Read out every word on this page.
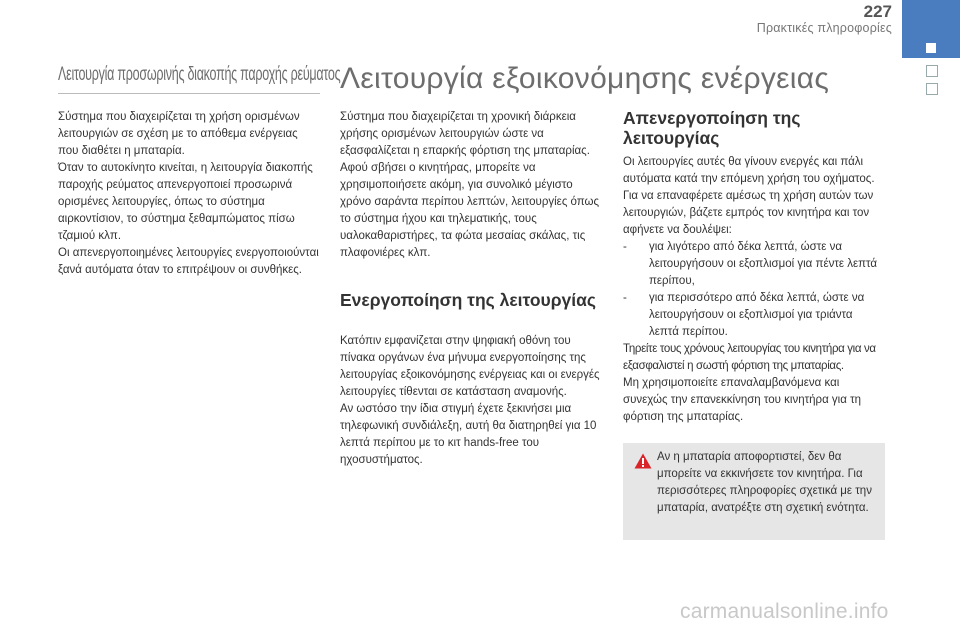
227
Πρακτικές πληροφορίες
Λειτουργία προσωρινής διακοπής παροχής ρεύματος

Σύστημα που διαχειρίζεται τη χρήση ορισμένων λειτουργιών σε σχέση με το απόθεμα ενέργειας που διαθέτει η μπαταρία.

Όταν το αυτοκίνητο κινείται, η λειτουργία διακοπής παροχής ρεύματος απενεργοποιεί προσωρινά ορισμένες λειτουργίες, όπως το σύστημα αιρκοντίσιον, το σύστημα ξεθαμπώματος πίσω τζαμιού κλπ.

Οι απενεργοποιημένες λειτουργίες ενεργοποιούνται ξανά αυτόματα όταν το επιτρέψουν οι συνθήκες.

Λειτουργία εξοικονόμησης ενέργειας

Σύστημα που διαχειρίζεται τη χρονική διάρκεια χρήσης ορισμένων λειτουργιών ώστε να εξασφαλίζεται η επαρκής φόρτιση της μπαταρίας.

Αφού σβήσει ο κινητήρας, μπορείτε να χρησιμοποιήσετε ακόμη, για συνολικό μέγιστο χρόνο σαράντα περίπου λεπτών, λειτουργίες όπως το σύστημα ήχου και τηλεματικής, τους υαλοκαθαριστήρες, τα φώτα μεσαίας σκάλας, τις πλαφονιέρες κλπ.

Ενεργοποίηση της λειτουργίας

Κατόπιν εμφανίζεται στην ψηφιακή οθόνη του πίνακα οργάνων ένα μήνυμα ενεργοποίησης της λειτουργίας εξοικονόμησης ενέργειας και οι ενεργές λειτουργίες τίθενται σε κατάσταση αναμονής.

Αν ωστόσο την ίδια στιγμή έχετε ξεκινήσει μια τηλεφωνική συνδιάλεξη, αυτή θα διατηρηθεί για 10 λεπτά περίπου με το κιτ hands-free του ηχοσυστήματος.

Απενεργοποίηση της λειτουργίας

Οι λειτουργίες αυτές θα γίνουν ενεργές και πάλι αυτόματα κατά την επόμενη χρήση του οχήματος.

Για να επαναφέρετε αμέσως τη χρήση αυτών των λειτουργιών, βάζετε εμπρός τον κινητήρα και τον αφήνετε να δουλέψει:

-	για λιγότερο από δέκα λεπτά, ώστε να λειτουργήσουν οι εξοπλισμοί για πέντε λεπτά περίπου,
-	για περισσότερο από δέκα λεπτά, ώστε να λειτουργήσουν οι εξοπλισμοί για τριάντα λεπτά περίπου.

Τηρείτε τους χρόνους λειτουργίας του κινητήρα για να εξασφαλιστεί η σωστή φόρτιση της μπαταρίας.

Μη χρησιμοποιείτε επαναλαμβανόμενα και συνεχώς την επανεκκίνηση του κινητήρα για τη φόρτιση της μπαταρίας.

Αν η μπαταρία αποφορτιστεί, δεν θα μπορείτε να εκκινήσετε τον κινητήρα. Για περισσότερες πληροφορίες σχετικά με την μπαταρία, ανατρέξτε στη σχετική ενότητα.
carmanualsonline.info
